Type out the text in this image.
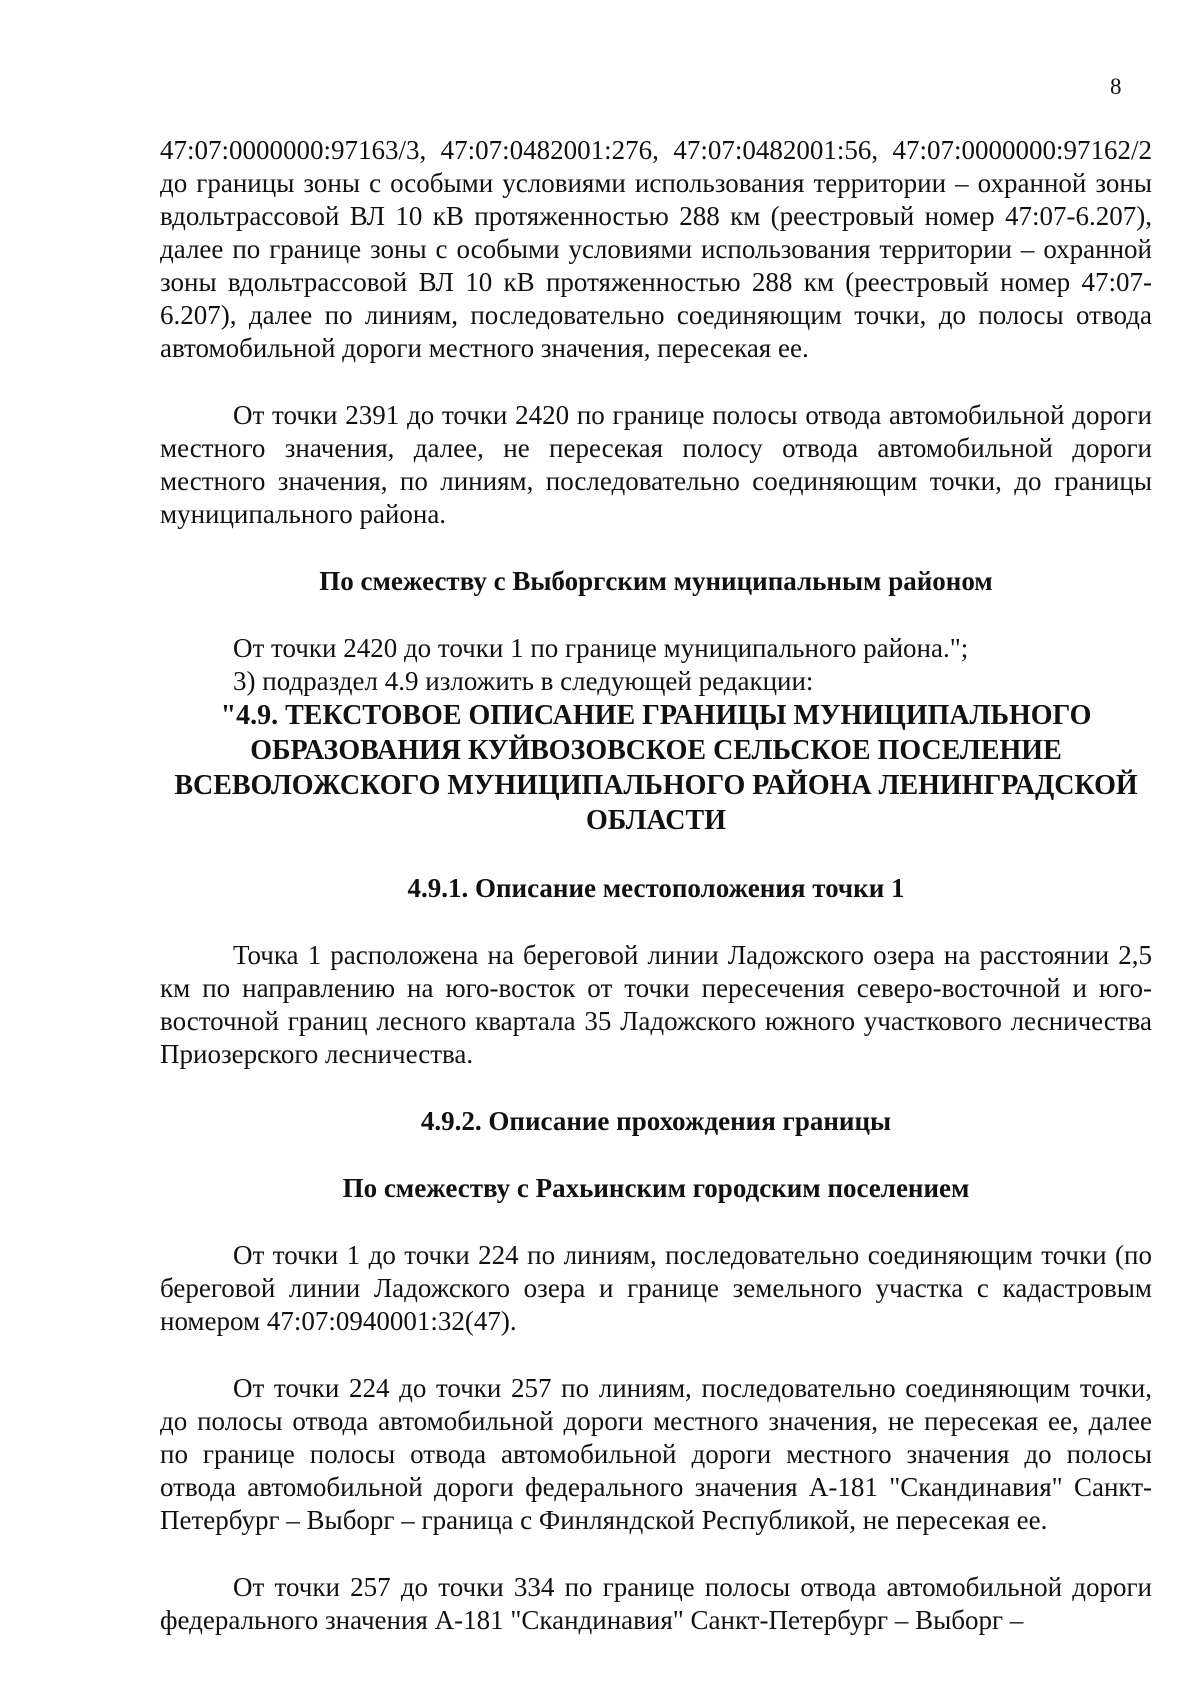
8

47:07:0000000:97163/3, 47:07:0482001:276, 47:07:0482001:56, 47:07:0000000:97162/2 до границы зоны с особыми условиями использования территории – охранной зоны вдольтрассовой ВЛ 10 кВ протяженностью 288 км (реестровый номер 47:07-6.207), далее по границе зоны с особыми условиями использования территории – охранной зоны вдольтрассовой ВЛ 10 кВ протяженностью 288 км (реестровый номер 47:07-6.207), далее по линиям, последовательно соединяющим точки, до полосы отвода автомобильной дороги местного значения, пересекая ее.

От точки 2391 до точки 2420 по границе полосы отвода автомобильной дороги местного значения, далее, не пересекая полосу отвода автомобильной дороги местного значения, по линиям, последовательно соединяющим точки, до границы муниципального района.

По смежеству с Выборгским муниципальным районом

От точки 2420 до точки 1 по границе муниципального района.";

3) подраздел 4.9 изложить в следующей редакции:

"4.9. ТЕКСТОВОЕ ОПИСАНИЕ ГРАНИЦЫ МУНИЦИПАЛЬНОГО ОБРАЗОВАНИЯ КУЙВОЗОВСКОЕ СЕЛЬСКОЕ ПОСЕЛЕНИЕ ВСЕВОЛОЖСКОГО МУНИЦИПАЛЬНОГО РАЙОНА ЛЕНИНГРАДСКОЙ ОБЛАСТИ
4.9.1. Описание местоположения точки 1

Точка 1 расположена на береговой линии Ладожского озера на расстоянии 2,5 км по направлению на юго-восток от точки пересечения северо-восточной и юго-восточной границ лесного квартала 35 Ладожского южного участкового лесничества Приозерского лесничества.

4.9.2. Описание прохождения границы
По смежеству с Рахьинским городским поселением

От точки 1 до точки 224 по линиям, последовательно соединяющим точки (по береговой линии Ладожского озера и границе земельного участка с кадастровым номером 47:07:0940001:32(47).

От точки 224 до точки 257 по линиям, последовательно соединяющим точки, до полосы отвода автомобильной дороги местного значения, не пересекая ее, далее по границе полосы отвода автомобильной дороги местного значения до полосы отвода автомобильной дороги федерального значения А-181 "Скандинавия" Санкт-Петербург – Выборг – граница с Финляндской Республикой, не пересекая ее.

От точки 257 до точки 334 по границе полосы отвода автомобильной дороги федерального значения А-181 "Скандинавия" Санкт-Петербург – Выборг –
